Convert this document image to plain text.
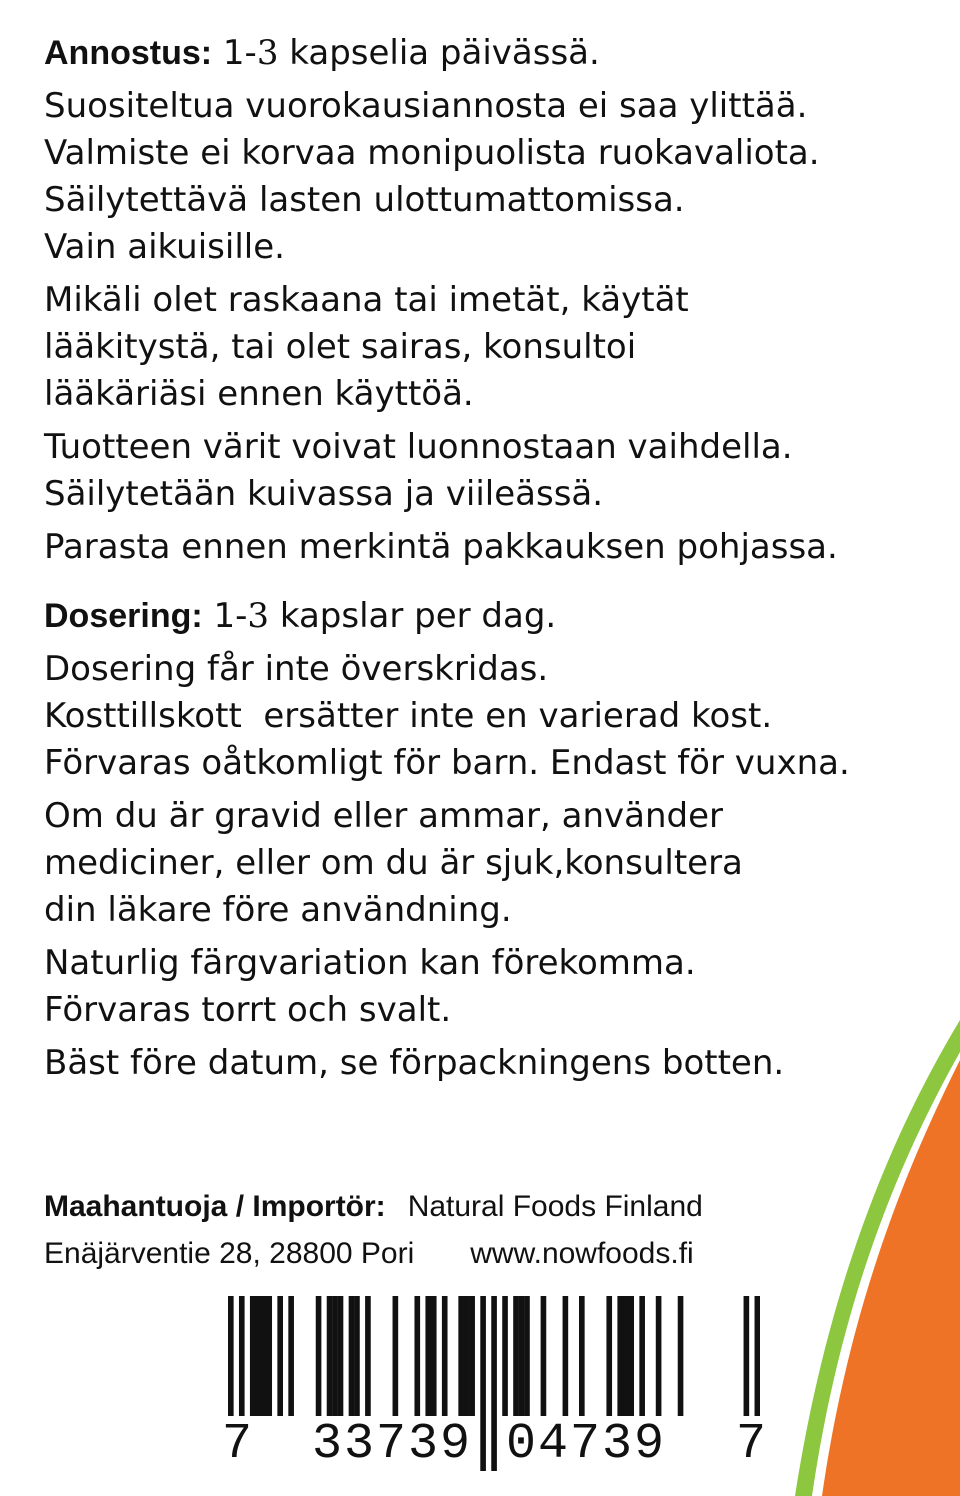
Annostus: 1-3 kapselia päivässä.

Suositeltua vuorokausiannosta ei saa ylittää.

Valmiste ei korvaa monipuolista ruokavaliota.

Säilytettävä lasten ulottumattomissa.

Vain aikuisille.

Mikäli olet raskaana tai imetät, käytät

lääkitystä, tai olet sairas, konsultoi

lääkäriäsi ennen käyttöä.

Tuotteen värit voivat luonnostaan vaihdella.

Säilytetään kuivassa ja viileässä.

Parasta ennen merkintä pakkauksen pohjassa.

Dosering: 1-3 kapslar per dag.

Dosering får inte överskridas.

Kosttillskott  ersätter inte en varierad kost.

Förvaras oåtkomligt för barn. Endast för vuxna.

Om du är gravid eller ammar, använder

mediciner, eller om du är sjuk,konsultera

din läkare före användning.

Naturlig färgvariation kan förekomma.

Förvaras torrt och svalt.

Bäst före datum, se förpackningens botten.

Maahantuoja / Importör: Natural Foods Finland
Enäjärventie 28, 28800 Pori www.nowfoods.fi
7 33739 04739 7
